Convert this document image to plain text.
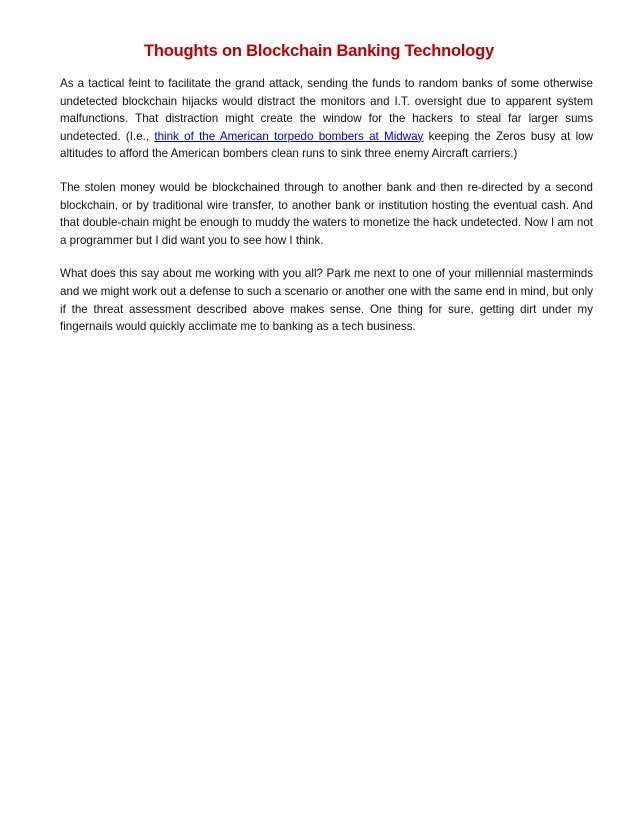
Thoughts on Blockchain Banking Technology

As a tactical feint to facilitate the grand attack, sending the funds to random banks of some otherwise undetected blockchain hijacks would distract the monitors and I.T. oversight due to apparent system malfunctions. That distraction might create the window for the hackers to steal far larger sums undetected. (I.e., think of the American torpedo bombers at Midway keeping the Zeros busy at low altitudes to afford the American bombers clean runs to sink three enemy Aircraft carriers.)

The stolen money would be blockchained through to another bank and then re-directed by a second blockchain, or by traditional wire transfer, to another bank or institution hosting the eventual cash. And that double-chain might be enough to muddy the waters to monetize the hack undetected. Now I am not a programmer but I did want you to see how I think.

What does this say about me working with you all? Park me next to one of your millennial masterminds and we might work out a defense to such a scenario or another one with the same end in mind, but only if the threat assessment described above makes sense. One thing for sure, getting dirt under my fingernails would quickly acclimate me to banking as a tech business.
